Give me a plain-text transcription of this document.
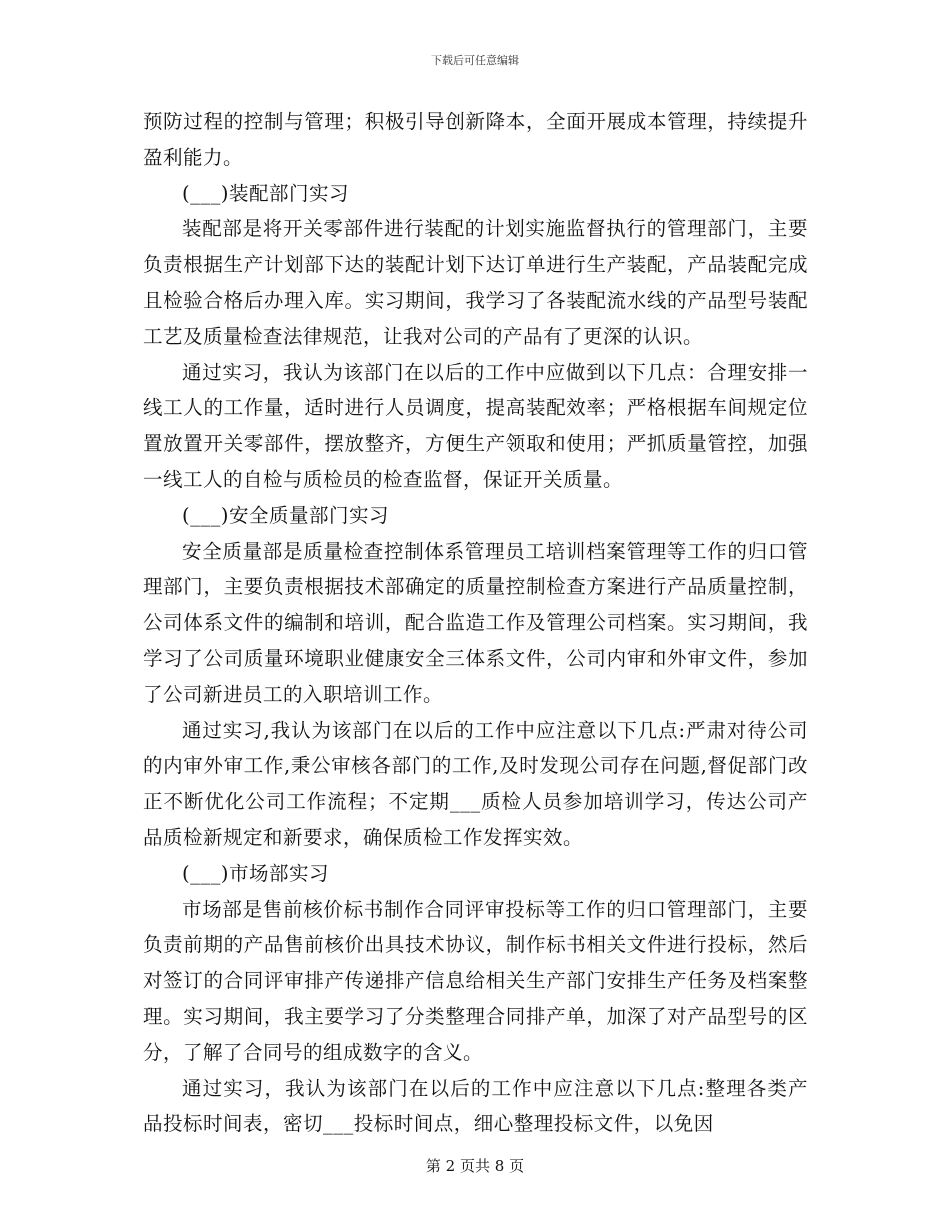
下载后可任意编辑

预防过程的控制与管理；积极引导创新降本，全面开展成本管理，持续提升盈利能力。

(___)装配部门实习

装配部是将开关零部件进行装配的计划实施监督执行的管理部门，主要负责根据生产计划部下达的装配计划下达订单进行生产装配，产品装配完成且检验合格后办理入库。实习期间，我学习了各装配流水线的产品型号装配工艺及质量检查法律规范，让我对公司的产品有了更深的认识。

通过实习，我认为该部门在以后的工作中应做到以下几点：合理安排一线工人的工作量，适时进行人员调度，提高装配效率；严格根据车间规定位置放置开关零部件，摆放整齐，方便生产领取和使用；严抓质量管控，加强一线工人的自检与质检员的检查监督，保证开关质量。

(___)安全质量部门实习

安全质量部是质量检查控制体系管理员工培训档案管理等工作的归口管理部门，主要负责根据技术部确定的质量控制检查方案进行产品质量控制，公司体系文件的编制和培训，配合监造工作及管理公司档案。实习期间，我学习了公司质量环境职业健康安全三体系文件，公司内审和外审文件，参加了公司新进员工的入职培训工作。

通过实习,我认为该部门在以后的工作中应注意以下几点:严肃对待公司的内审外审工作,秉公审核各部门的工作,及时发现公司存在问题,督促部门改正不断优化公司工作流程；不定期___质检人员参加培训学习，传达公司产品质检新规定和新要求，确保质检工作发挥实效。

(___)市场部实习

市场部是售前核价标书制作合同评审投标等工作的归口管理部门，主要负责前期的产品售前核价出具技术协议，制作标书相关文件进行投标，然后对签订的合同评审排产传递排产信息给相关生产部门安排生产任务及档案整理。实习期间，我主要学习了分类整理合同排产单，加深了对产品型号的区分，了解了合同号的组成数字的含义。

通过实习，我认为该部门在以后的工作中应注意以下几点:整理各类产品投标时间表，密切___投标时间点，细心整理投标文件，以免因

第 2 页共 8 页
